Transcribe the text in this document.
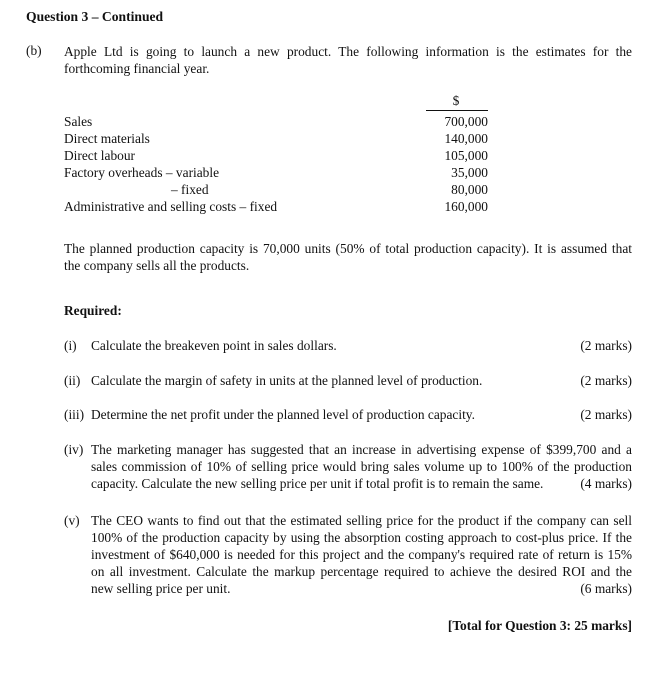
Question 3 – Continued
(b) Apple Ltd is going to launch a new product. The following information is the estimates for the
forthcoming financial year.
$
Sales	700,000
Direct materials	140,000
Direct labour	105,000
Factory overheads – variable	35,000
– fixed	80,000
Administrative and selling costs – fixed	160,000
The planned production capacity is 70,000 units (50% of total production capacity). It is assumed that
the company sells all the products.
Required:
(i) Calculate the breakeven point in sales dollars.	(2 marks)
(ii) Calculate the margin of safety in units at the planned level of production.	(2 marks)
(iii) Determine the net profit under the planned level of production capacity.	(2 marks)
(iv) The marketing manager has suggested that an increase in advertising expense of $399,700 and a
sales commission of 10% of selling price would bring sales volume up to 100% of the production
capacity. Calculate the new selling price per unit if total profit is to remain the same.	(4 marks)
(v) The CEO wants to find out that the estimated selling price for the product if the company can sell
100% of the production capacity by using the absorption costing approach to cost-plus price. If the
investment of $640,000 is needed for this project and the company's required rate of return is 15%
on all investment. Calculate the markup percentage required to achieve the desired ROI and the
new selling price per unit.	(6 marks)
[Total for Question 3: 25 marks]
